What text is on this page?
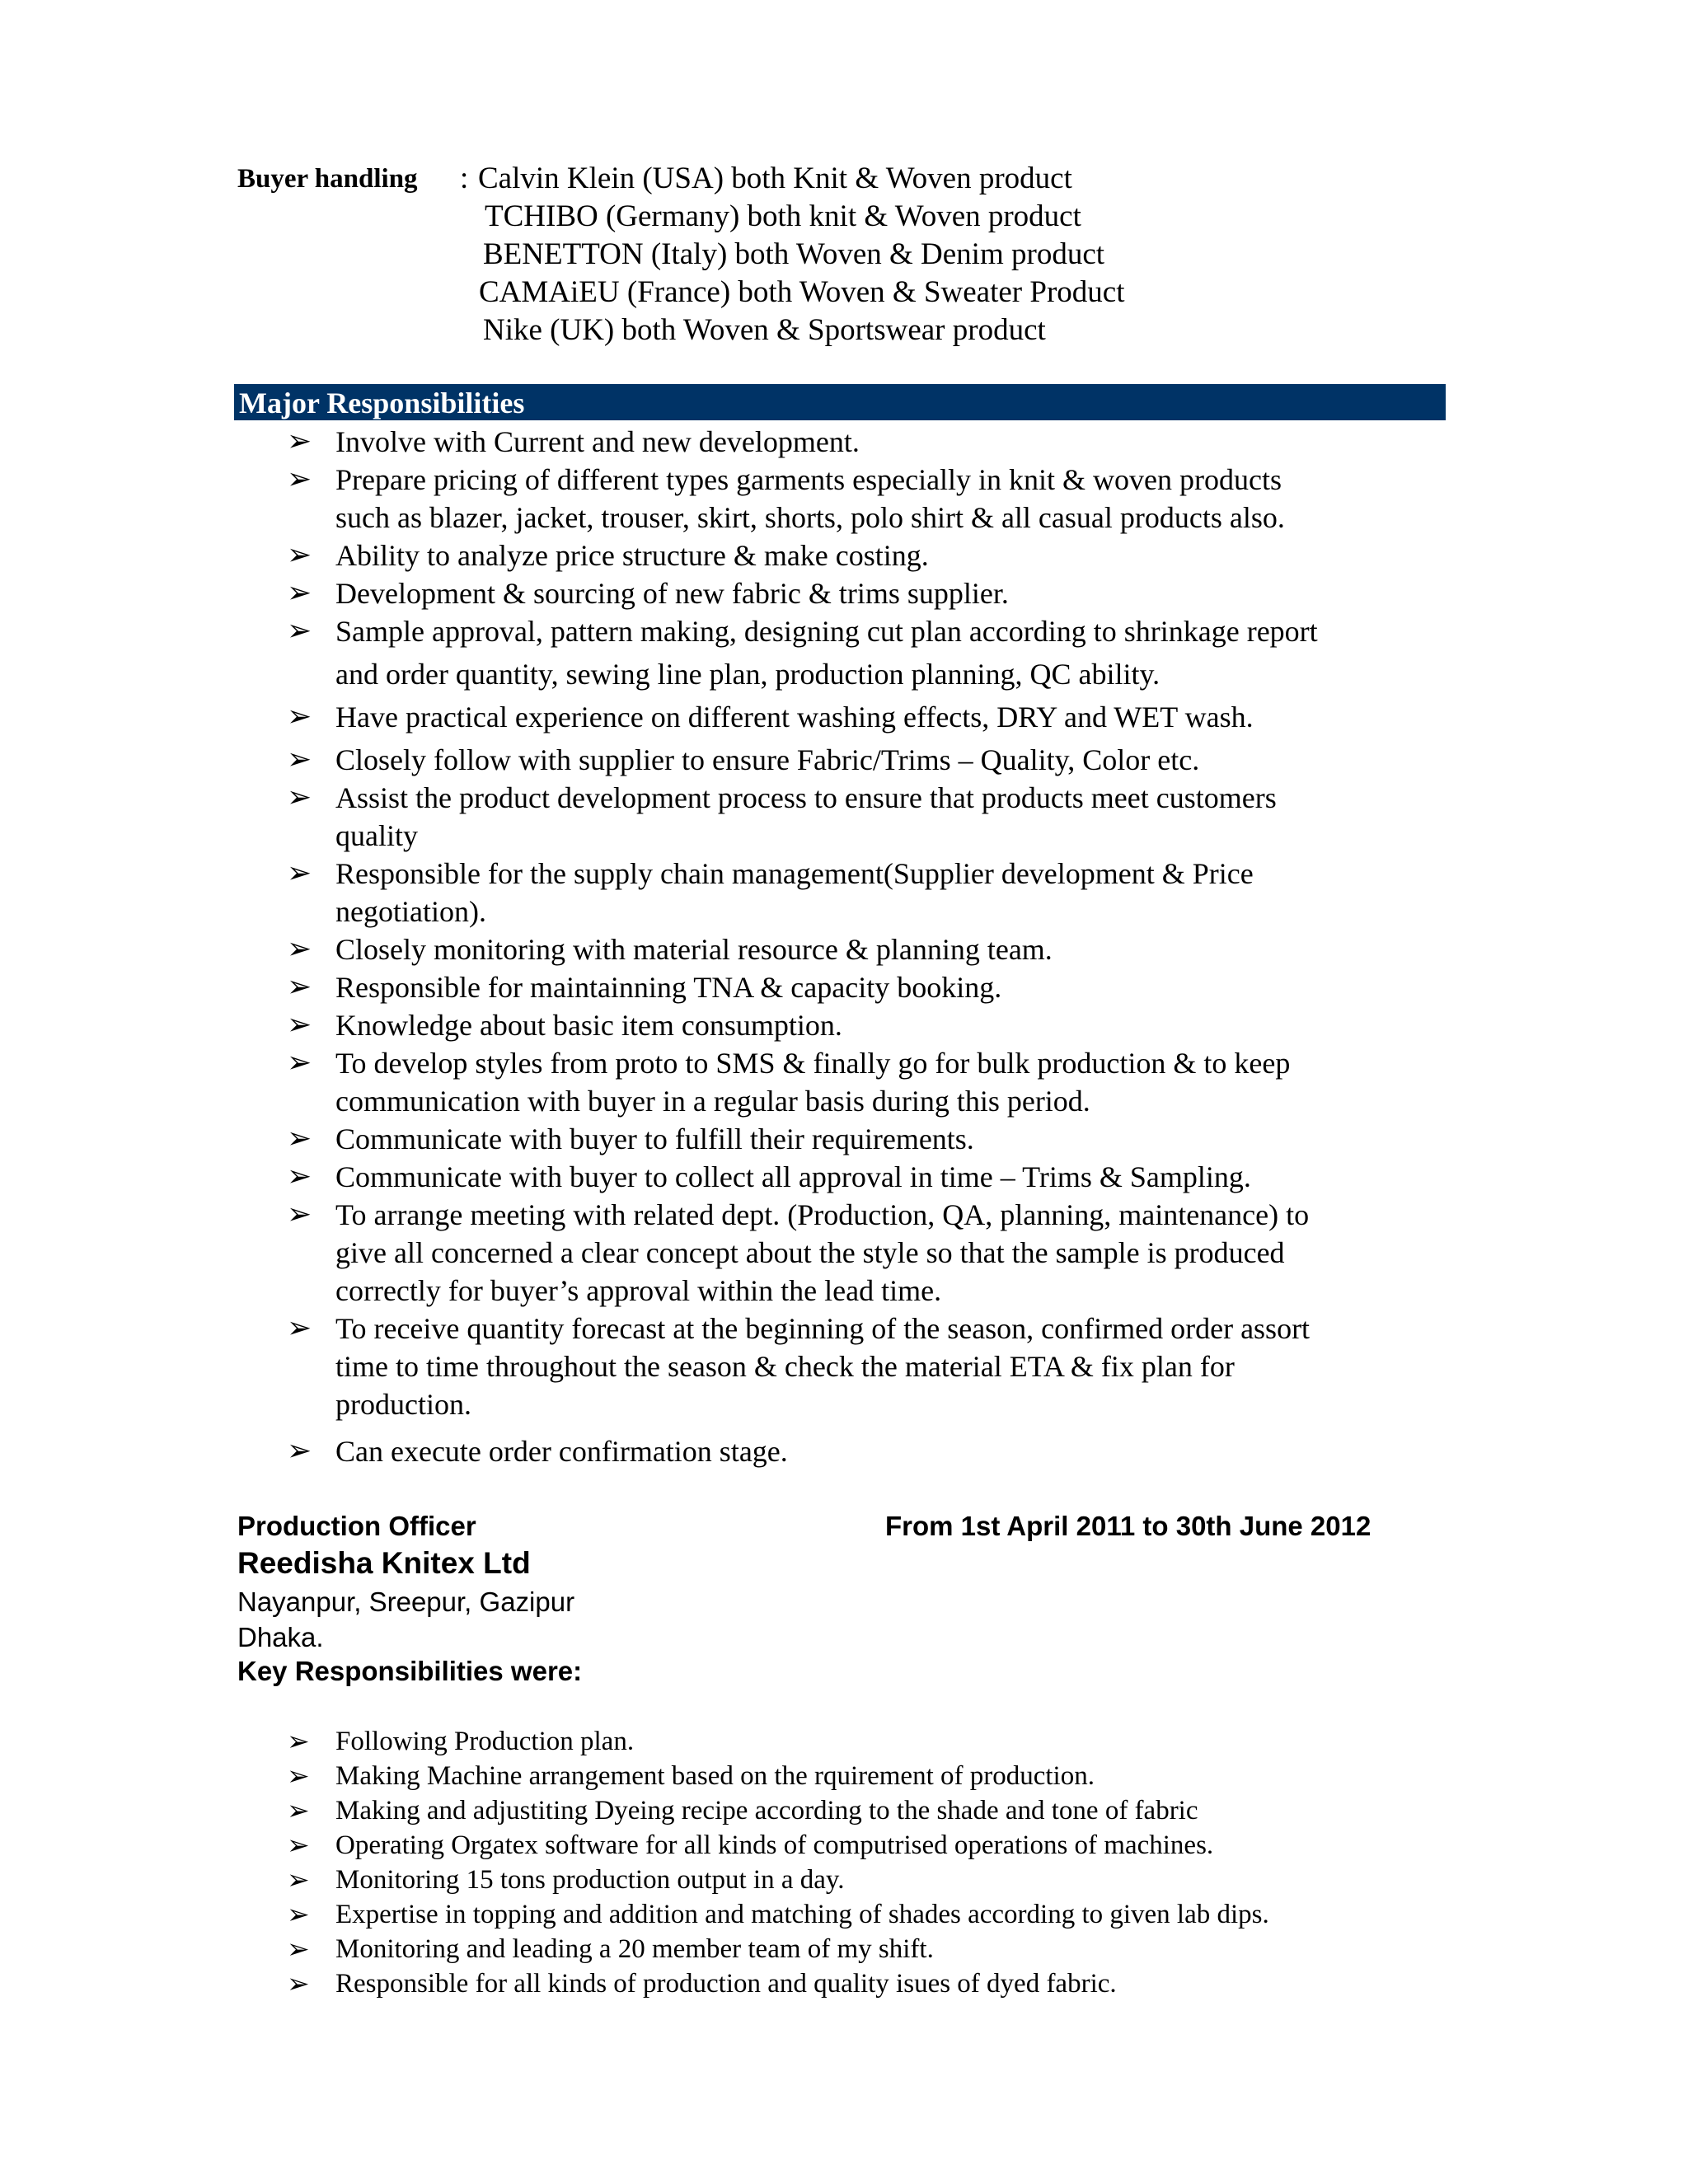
Buyer handling : Calvin Klein (USA) both Knit & Woven product
TCHIBO (Germany) both knit & Woven product
BENETTON (Italy) both Woven & Denim product
CAMAiEU (France) both Woven & Sweater Product
Nike (UK) both Woven & Sportswear product
Major Responsibilities
➢ Involve with Current and new development.
➢ Prepare pricing of different types garments especially in knit & woven products
such as blazer, jacket, trouser, skirt, shorts, polo shirt & all casual products also.
➢ Ability to analyze price structure & make costing.
➢ Development & sourcing of new fabric & trims supplier.
➢ Sample approval, pattern making, designing cut plan according to shrinkage report
and order quantity, sewing line plan, production planning, QC ability.
➢ Have practical experience on different washing effects, DRY and WET wash.
➢ Closely follow with supplier to ensure Fabric/Trims – Quality, Color etc.
➢ Assist the product development process to ensure that products meet customers
quality
➢ Responsible for the supply chain management(Supplier development & Price
negotiation).
➢ Closely monitoring with material resource & planning team.
➢ Responsible for maintainning TNA & capacity booking.
➢ Knowledge about basic item consumption.
➢ To develop styles from proto to SMS & finally go for bulk production & to keep
communication with buyer in a regular basis during this period.
➢ Communicate with buyer to fulfill their requirements.
➢ Communicate with buyer to collect all approval in time – Trims & Sampling.
➢ To arrange meeting with related dept. (Production, QA, planning, maintenance) to
give all concerned a clear concept about the style so that the sample is produced
correctly for buyer’s approval within the lead time.
➢ To receive quantity forecast at the beginning of the season, confirmed order assort
time to time throughout the season & check the material ETA & fix plan for
production.
➢ Can execute order confirmation stage.
Production Officer	From 1st April 2011 to 30th June 2012
Reedisha Knitex Ltd
Nayanpur, Sreepur, Gazipur
Dhaka.
Key Responsibilities were:
➢ Following Production plan.
➢ Making Machine arrangement based on the rquirement of production.
➢ Making and adjustiting Dyeing recipe according to the shade and tone of fabric
➢ Operating Orgatex software for all kinds of computrised operations of machines.
➢ Monitoring 15 tons production output in a day.
➢ Expertise in topping and addition and matching of shades according to given lab dips.
➢ Monitoring and leading a 20 member team of my shift.
➢ Responsible for all kinds of production and quality isues of dyed fabric.
